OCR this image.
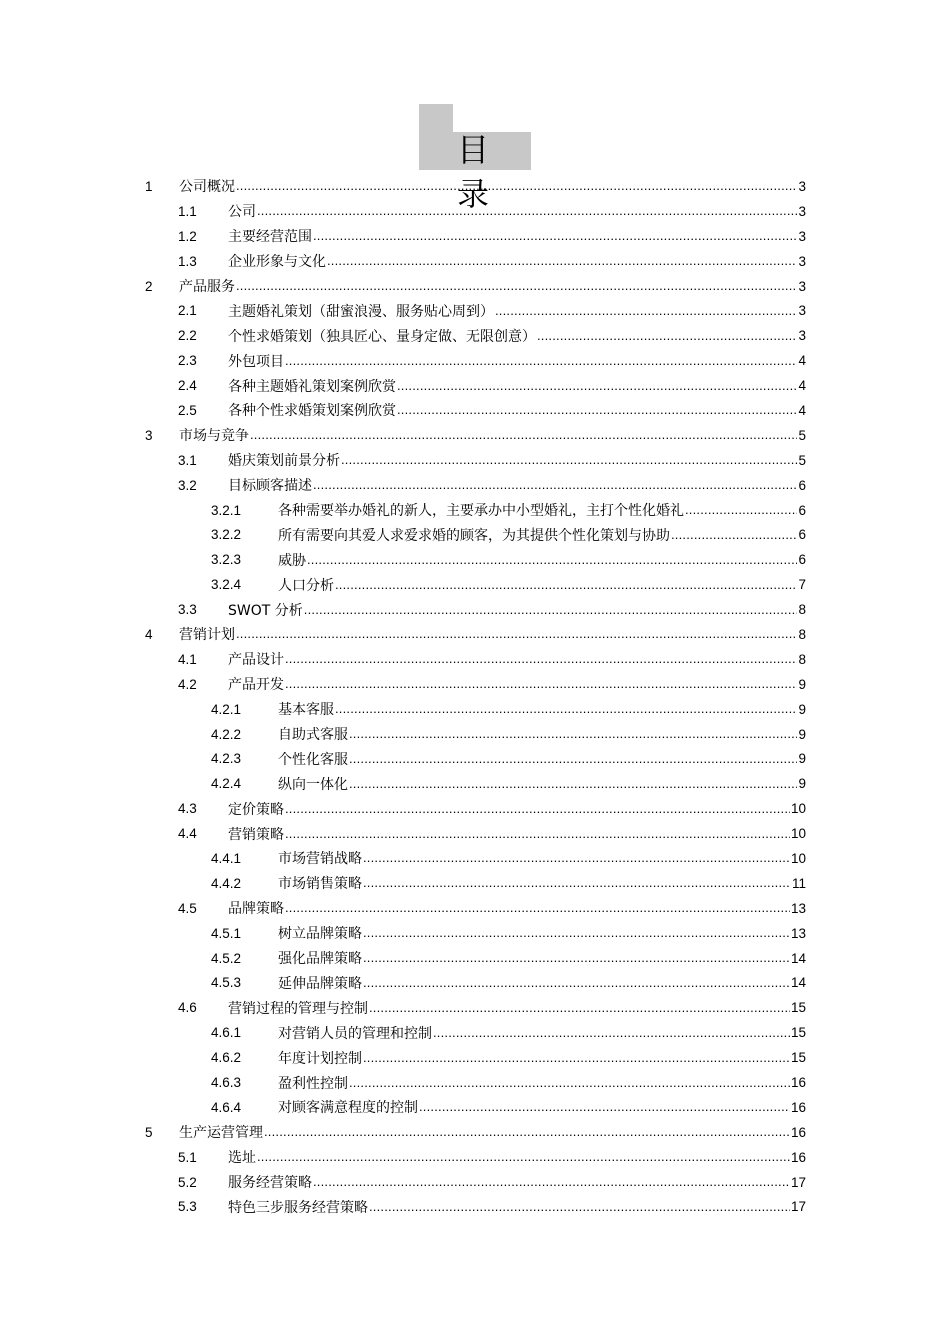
目 录
1	公司概况 .....	3
1.1	公司 .....	3
1.2	主要经营范围 .....	3
1.3	企业形象与文化 .....	3
2	产品服务 .....	3
2.1	主题婚礼策划（甜蜜浪漫、服务贴心周到） .....	3
2.2	个性求婚策划（独具匠心、量身定做、无限创意） .....	3
2.3	外包项目 .....	4
2.4	各种主题婚礼策划案例欣赏 .....	4
2.5	各种个性求婚策划案例欣赏 .....	4
3	市场与竞争 .....	5
3.1	婚庆策划前景分析 .....	5
3.2	目标顾客描述 .....	6
3.2.1	各种需要举办婚礼的新人，主要承办中小型婚礼，主打个性化婚礼 .....	6
3.2.2	所有需要向其爱人求爱求婚的顾客，为其提供个性化策划与协助 .....	6
3.2.3	威胁 .....	6
3.2.4	人口分析 .....	7
3.3	SWOT 分析 .....	8
4	营销计划 .....	8
4.1	产品设计 .....	8
4.2	产品开发 .....	9
4.2.1	基本客服 .....	9
4.2.2	自助式客服 .....	9
4.2.3	个性化客服 .....	9
4.2.4	纵向一体化 .....	9
4.3	定价策略 .....	10
4.4	营销策略 .....	10
4.4.1	市场营销战略 .....	10
4.4.2	市场销售策略 .....	11
4.5	品牌策略 .....	13
4.5.1	树立品牌策略 .....	13
4.5.2	强化品牌策略 .....	14
4.5.3	延伸品牌策略 .....	14
4.6	营销过程的管理与控制 .....	15
4.6.1	对营销人员的管理和控制 .....	15
4.6.2	年度计划控制 .....	15
4.6.3	盈利性控制 .....	16
4.6.4	对顾客满意程度的控制 .....	16
5	生产运营管理 .....	16
5.1	选址 .....	16
5.2	服务经营策略 .....	17
5.3	特色三步服务经营策略 .....	17
